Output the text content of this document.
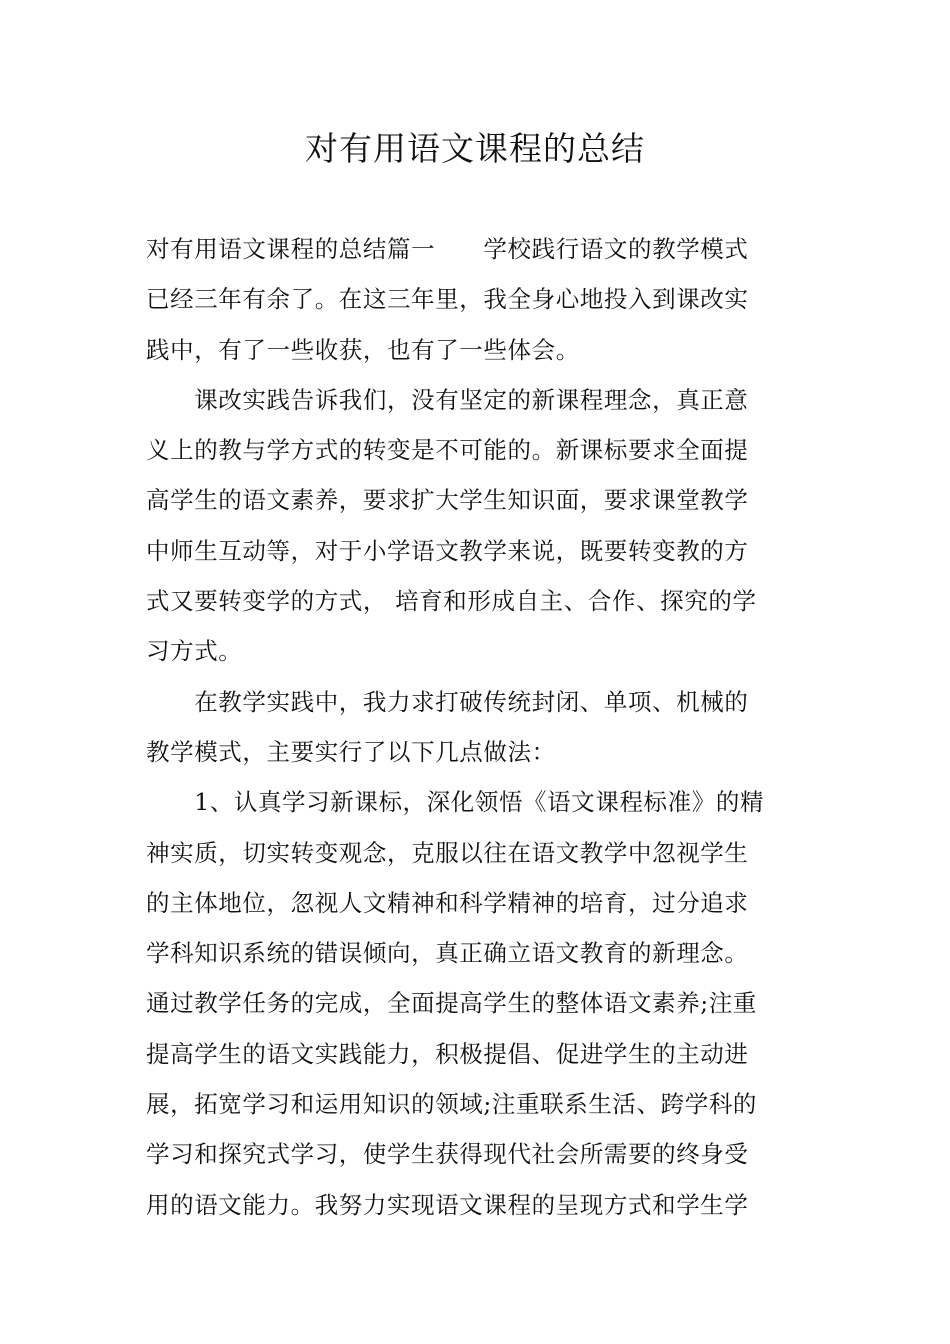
对有用语文课程的总结
对有用语文课程的总结篇一　　学校践行语文的教学模式
已经三年有余了。在这三年里，我全身心地投入到课改实
践中，有了一些收获，也有了一些体会。
　　课改实践告诉我们，没有坚定的新课程理念，真正意
义上的教与学方式的转变是不可能的。新课标要求全面提
高学生的语文素养，要求扩大学生知识面，要求课堂教学
中师生互动等，对于小学语文教学来说，既要转变教的方
式又要转变学的方式， 培育和形成自主、合作、探究的学
习方式。
　　在教学实践中，我力求打破传统封闭、单项、机械的
教学模式，主要实行了以下几点做法：
　　1、认真学习新课标，深化领悟《语文课程标准》的精
神实质，切实转变观念，克服以往在语文教学中忽视学生
的主体地位，忽视人文精神和科学精神的培育，过分追求
学科知识系统的错误倾向，真正确立语文教育的新理念。
通过教学任务的完成，全面提高学生的整体语文素养;注重
提高学生的语文实践能力，积极提倡、促进学生的主动进
展，拓宽学习和运用知识的领域;注重联系生活、跨学科的
学习和探究式学习，使学生获得现代社会所需要的终身受
用的语文能力。我努力实现语文课程的呈现方式和学生学
